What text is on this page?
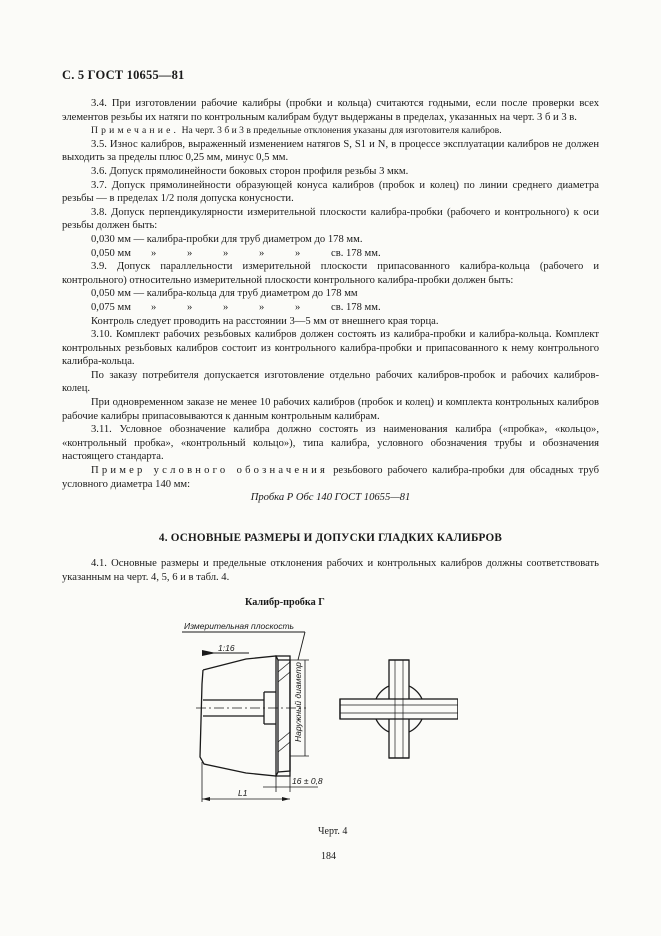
С. 5 ГОСТ 10655—81

3.4. При изготовлении рабочие калибры (пробки и кольца) считаются годными, если после проверки всех элементов резьбы их натяги по контрольным калибрам будут выдержаны в пределах, указанных на черт. 3 б и 3 в.

Примечание. На черт. 3 б и 3 в предельные отклонения указаны для изготовителя калибров.

3.5. Износ калибров, выраженный изменением натягов S, S1 и N, в процессе эксплуатации калибров не должен выходить за пределы плюс 0,25 мм, минус 0,5 мм.

3.6. Допуск прямолинейности боковых сторон профиля резьбы 3 мкм.

3.7. Допуск прямолинейности образующей конуса калибров (пробок и колец) по линии среднего диаметра резьбы — в пределах 1/2 поля допуска конусности.

3.8. Допуск перпендикулярности измерительной плоскости калибра-пробки (рабочего и контрольного) к оси резьбы должен быть:

0,030 мм — калибра-пробки для труб диаметром до 178 мм.

0,050 мм	»	»	»	»	»	св. 178 мм.

3.9. Допуск параллельности измерительной плоскости припасованного калибра-кольца (рабочего и контрольного) относительно измерительной плоскости контрольного калибра-пробки должен быть:

0,050 мм — калибра-кольца для труб диаметром до 178 мм

0,075 мм	»	»	»	»	»	св. 178 мм.

Контроль следует проводить на расстоянии 3—5 мм от внешнего края торца.

3.10. Комплект рабочих резьбовых калибров должен состоять из калибра-пробки и калибра-кольца. Комплект контрольных резьбовых калибров состоит из контрольного калибра-пробки и припасованного к нему контрольного калибра-кольца.

По заказу потребителя допускается изготовление отдельно рабочих калибров-пробок и рабочих калибров-колец.

При одновременном заказе не менее 10 рабочих калибров (пробок и колец) и комплекта контрольных калибров рабочие калибры припасовываются к данным контрольным калибрам.

3.11. Условное обозначение калибра должно состоять из наименования калибра («пробка», «кольцо», «контрольный пробка», «контрольный кольцо»), типа калибра, условного обозначения трубы и обозначения настоящего стандарта.

Пример условного обозначения резьбового рабочего калибра-пробки для обсадных труб условного диаметра 140 мм:

Пробка Р Обс 140 ГОСТ 10655—81

4. ОСНОВНЫЕ РАЗМЕРЫ И ДОПУСКИ ГЛАДКИХ КАЛИБРОВ

4.1. Основные размеры и предельные отклонения рабочих и контрольных калибров должны соответствовать указанным на черт. 4, 5, 6 и в табл. 4.

Калибр-пробка Г
Измерительная плоскость
1:16
Наружный диаметр
16 ± 0,8
L1
Черт. 4
184
